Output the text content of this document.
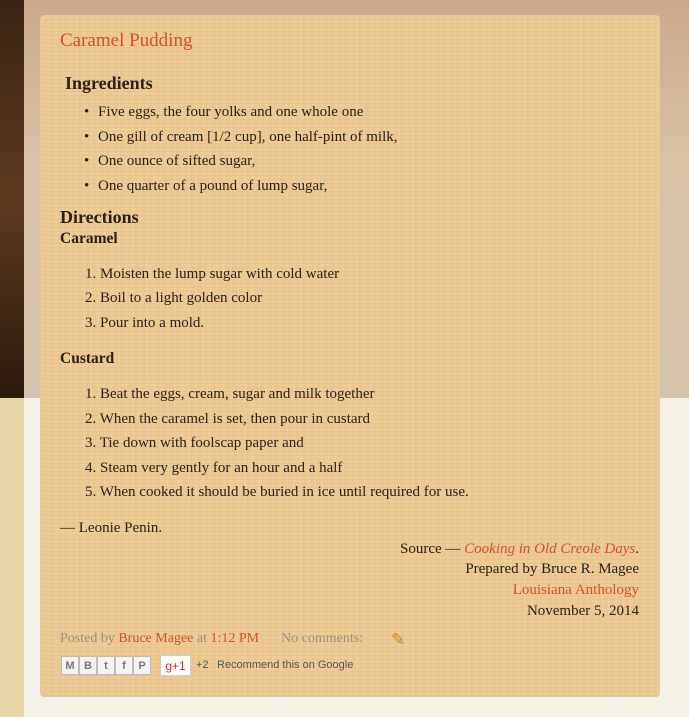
Caramel Pudding
Ingredients
• Five eggs, the four yolks and one whole one
• One gill of cream [1/2 cup], one half-pint of milk,
• One ounce of sifted sugar,
• One quarter of a pound of lump sugar,
Directions
Caramel
1. Moisten the lump sugar with cold water
2. Boil to a light golden color
3. Pour into a mold.
Custard
1. Beat the eggs, cream, sugar and milk together
2. When the caramel is set, then pour in custard
3. Tie down with foolscap paper and
4. Steam very gently for an hour and a half
5. When cooked it should be buried in ice until required for use.
— Leonie Penin.
Source — Cooking in Old Creole Days.
Prepared by Bruce R. Magee
Louisiana Anthology
November 5, 2014
Posted by Bruce Magee at 1:12 PM No comments: ✎
M B	t	f	P	g+1 +2 Recommend this on Google
